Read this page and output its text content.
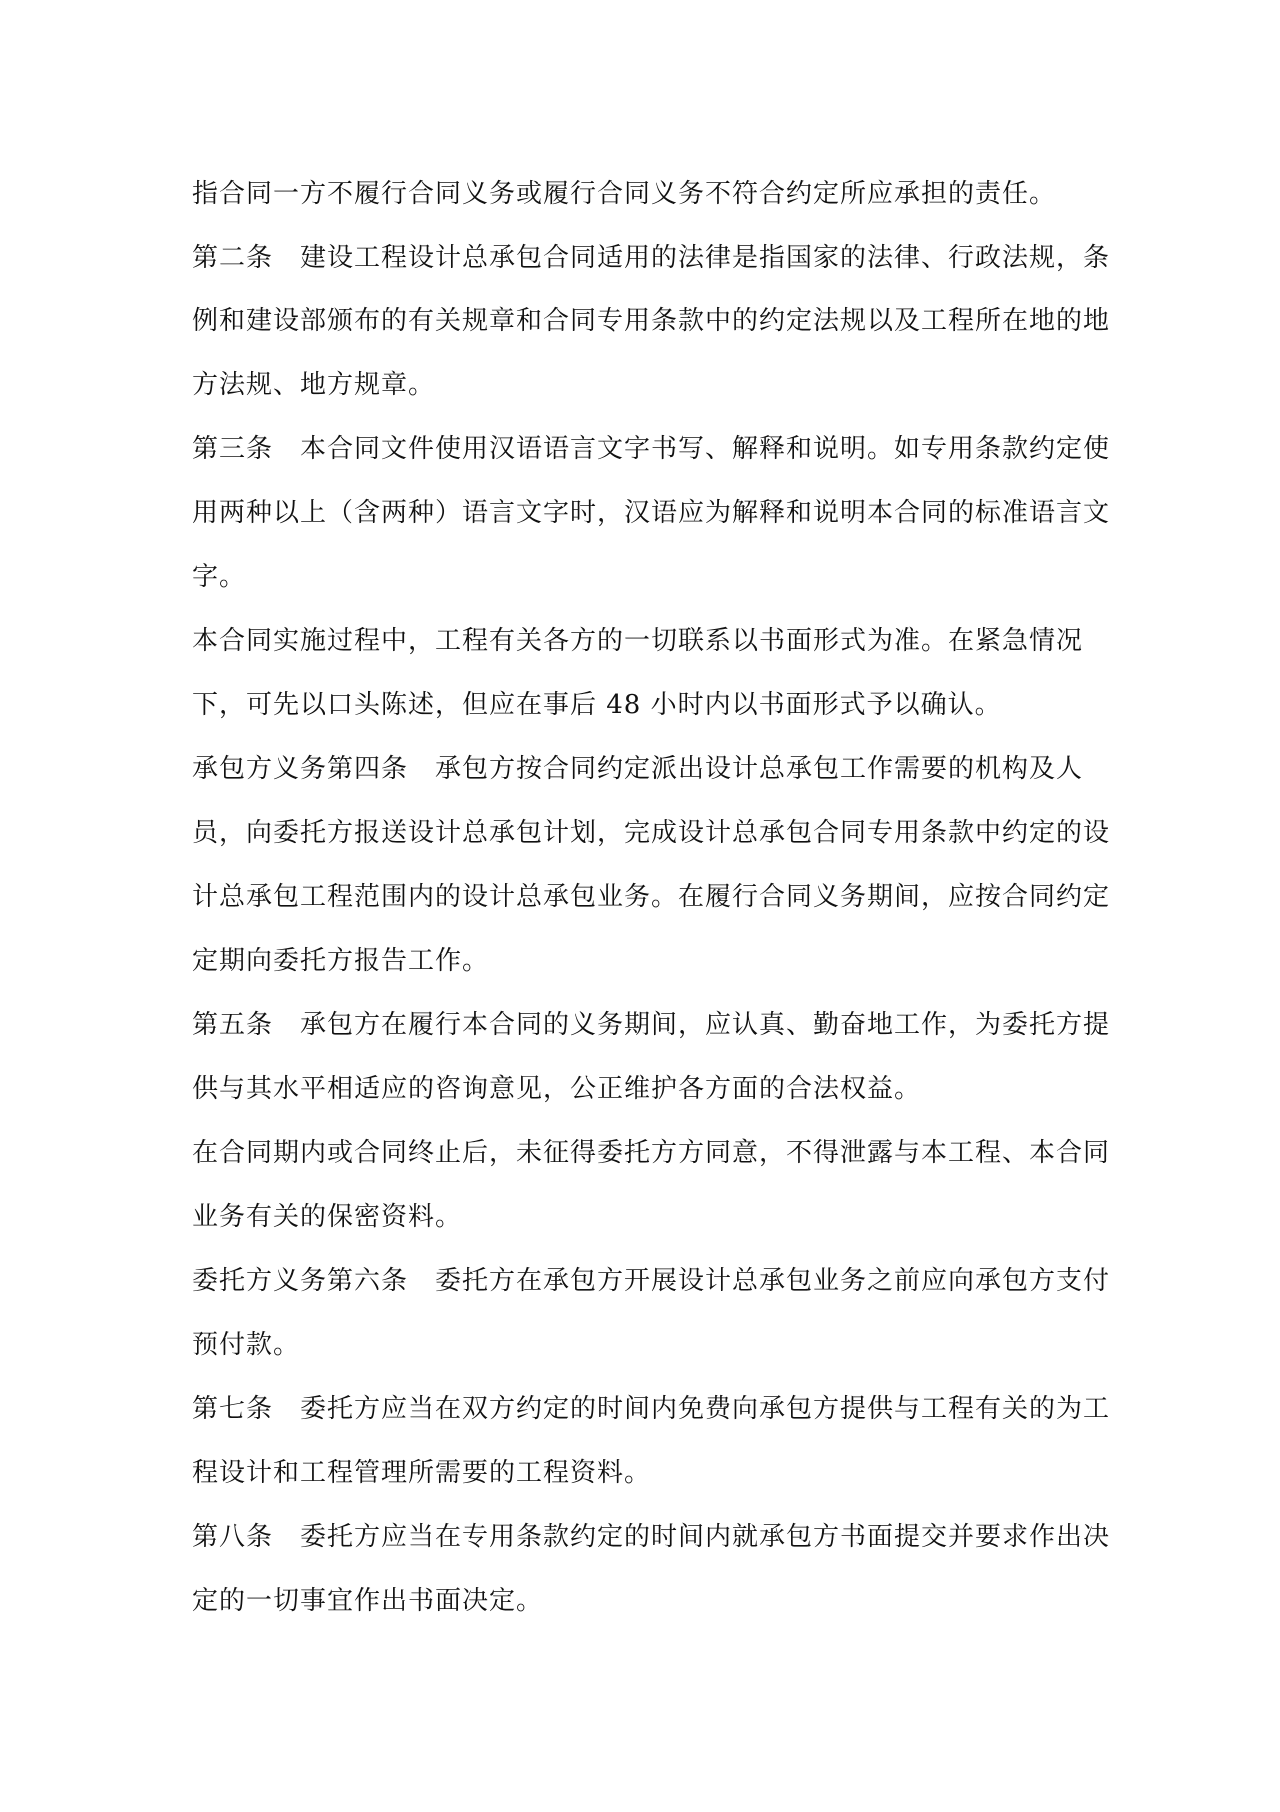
指合同一方不履行合同义务或履行合同义务不符合约定所应承担的责任。
第二条　建设工程设计总承包合同适用的法律是指国家的法律、行政法规，条
例和建设部颁布的有关规章和合同专用条款中的约定法规以及工程所在地的地
方法规、地方规章。
第三条　本合同文件使用汉语语言文字书写、解释和说明。如专用条款约定使
用两种以上（含两种）语言文字时，汉语应为解释和说明本合同的标准语言文
字。
本合同实施过程中，工程有关各方的一切联系以书面形式为准。在紧急情况
下，可先以口头陈述，但应在事后 48 小时内以书面形式予以确认。
承包方义务第四条　承包方按合同约定派出设计总承包工作需要的机构及人
员，向委托方报送设计总承包计划，完成设计总承包合同专用条款中约定的设
计总承包工程范围内的设计总承包业务。在履行合同义务期间，应按合同约定
定期向委托方报告工作。
第五条　承包方在履行本合同的义务期间，应认真、勤奋地工作，为委托方提
供与其水平相适应的咨询意见，公正维护各方面的合法权益。
在合同期内或合同终止后，未征得委托方方同意，不得泄露与本工程、本合同
业务有关的保密资料。
委托方义务第六条　委托方在承包方开展设计总承包业务之前应向承包方支付
预付款。
第七条　委托方应当在双方约定的时间内免费向承包方提供与工程有关的为工
程设计和工程管理所需要的工程资料。
第八条　委托方应当在专用条款约定的时间内就承包方书面提交并要求作出决
定的一切事宜作出书面决定。
